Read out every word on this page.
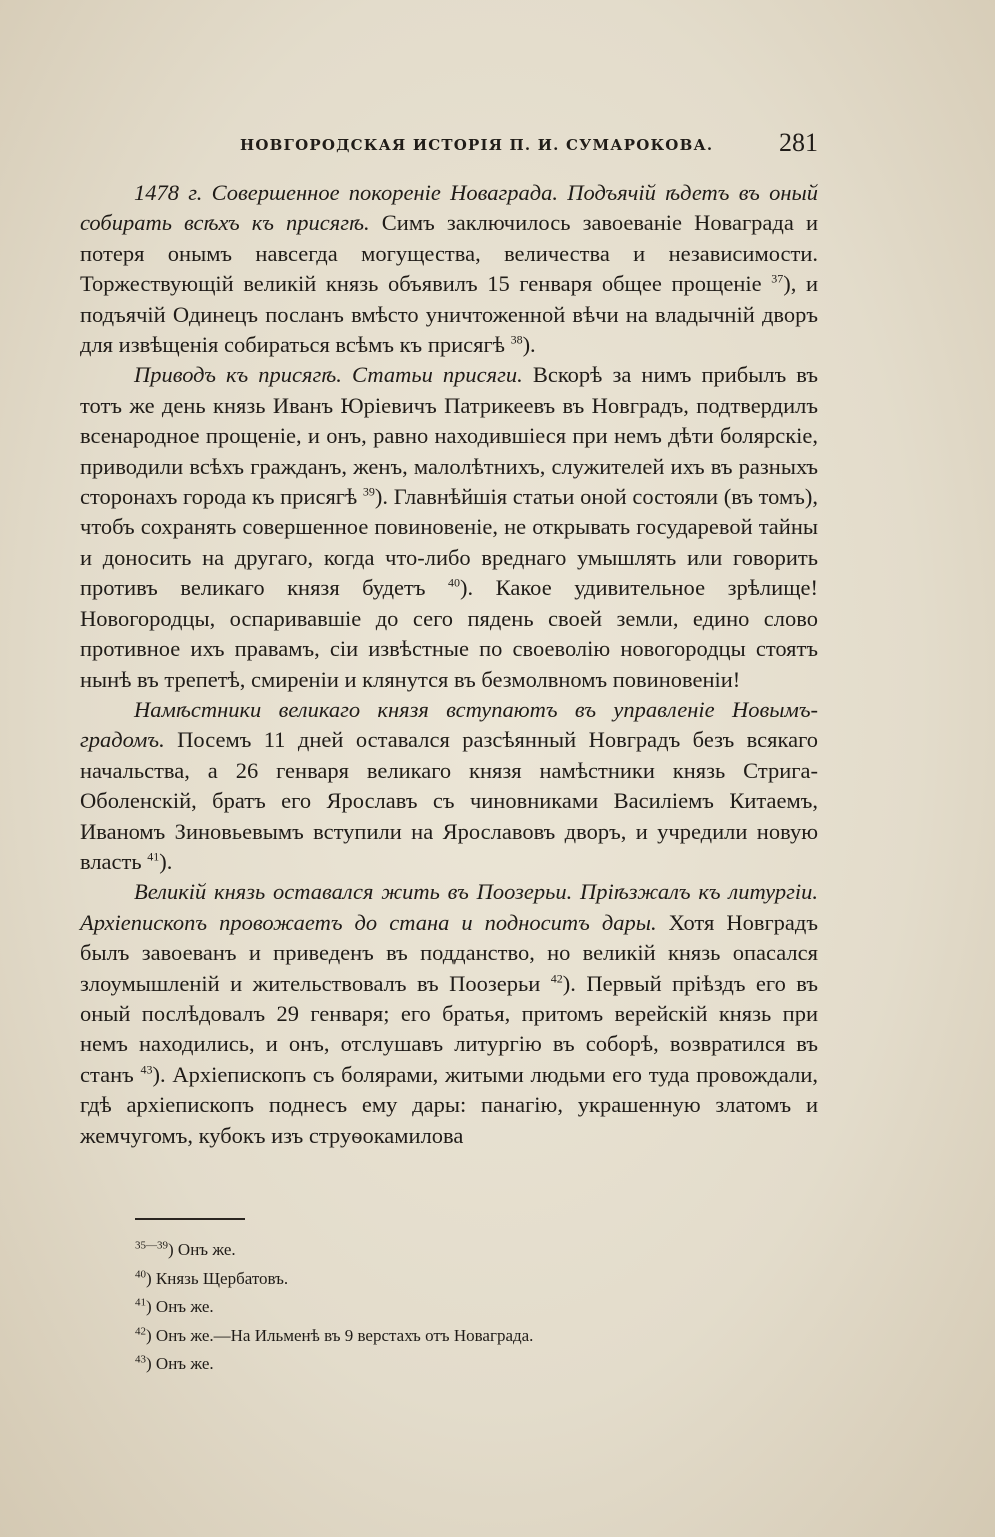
НОВГОРОДСКАЯ ИСТОРІЯ П. И. СУМАРОКОВА.	281

1478 г. Совершенное покореніе Новаграда. Подъячій ѣдетъ въ оный собирать всѣхъ къ присягѣ. Симъ заключилось завоеваніе Новаграда и потеря онымъ навсегда могущества, величества и независимости. Торжествующій великій князь объявилъ 15 генваря общее прощеніе $^{37}$), и подъячій Одинецъ посланъ вмѣсто уничтоженной вѣчи на владычній дворъ для извѣщенія собираться всѣмъ къ присягѣ $^{38}$).

Приводъ къ присягѣ. Статьи присяги. Вскорѣ за нимъ прибылъ въ тотъ же день князь Иванъ Юріевичъ Патрикеевъ въ Новградъ, подтвердилъ всенародное прощеніе, и онъ, равно находившіеся при немъ дѣти болярскіе, приводили всѣхъ гражданъ, женъ, малолѣтнихъ, служителей ихъ въ разныхъ сторонахъ города къ присягѣ $^{39}$). Главнѣйшія статьи оной состояли (въ томъ), чтобъ сохранять совершенное повиновеніе, не открывать государевой тайны и доносить на другаго, когда что-либо вреднаго умышлять или говорить противъ великаго князя будетъ $^{40}$). Какое удивительное зрѣлище! Новогородцы, оспаривавшіе до сего пядень своей земли, едино слово противное ихъ правамъ, сіи извѣстные по своеволію новогородцы стоятъ нынѣ въ трепетѣ, смиреніи и клянутся въ безмолвномъ повиновеніи!

Намѣстники великаго князя вступаютъ въ управленіе Новымъградомъ. Посемъ 11 дней оставался разсѣянный Новградъ безъ всякаго начальства, а 26 генваря великаго князя намѣстники князь Стрига-Оболенскій, братъ его Ярославъ съ чиновниками Василіемъ Китаемъ, Иваномъ Зиновьевымъ вступили на Ярославовъ дворъ, и учредили новую власть $^{41}$).

Великій князь оставался жить въ Поозерьи. Пріѣзжалъ къ литургіи. Архіепископъ провожаетъ до стана и подноситъ дары. Хотя Новградъ былъ завоеванъ и приведенъ въ подданство, но великій князь опасался злоумышленій и жительствовалъ въ Поозерьи $^{42}$). Первый пріѣздъ его въ оный послѣдовалъ 29 генваря; его братья, притомъ верейскій князь при немъ находились, и онъ, отслушавъ литургію въ соборѣ, возвратился въ станъ $^{43}$). Архіепископъ съ болярами, житыми людьми его туда провождали, гдѣ архіепископъ поднесъ ему дары: панагію, украшенную златомъ и жемчугомъ, кубокъ изъ струѳокамилова

$^{35—39}$) Онъ же.
$^{40}$) Князь Щербатовъ.
$^{41}$) Онъ же.
$^{42}$) Онъ же.—На Ильменѣ въ 9 верстахъ отъ Новаграда.
$^{43}$) Онъ же.
